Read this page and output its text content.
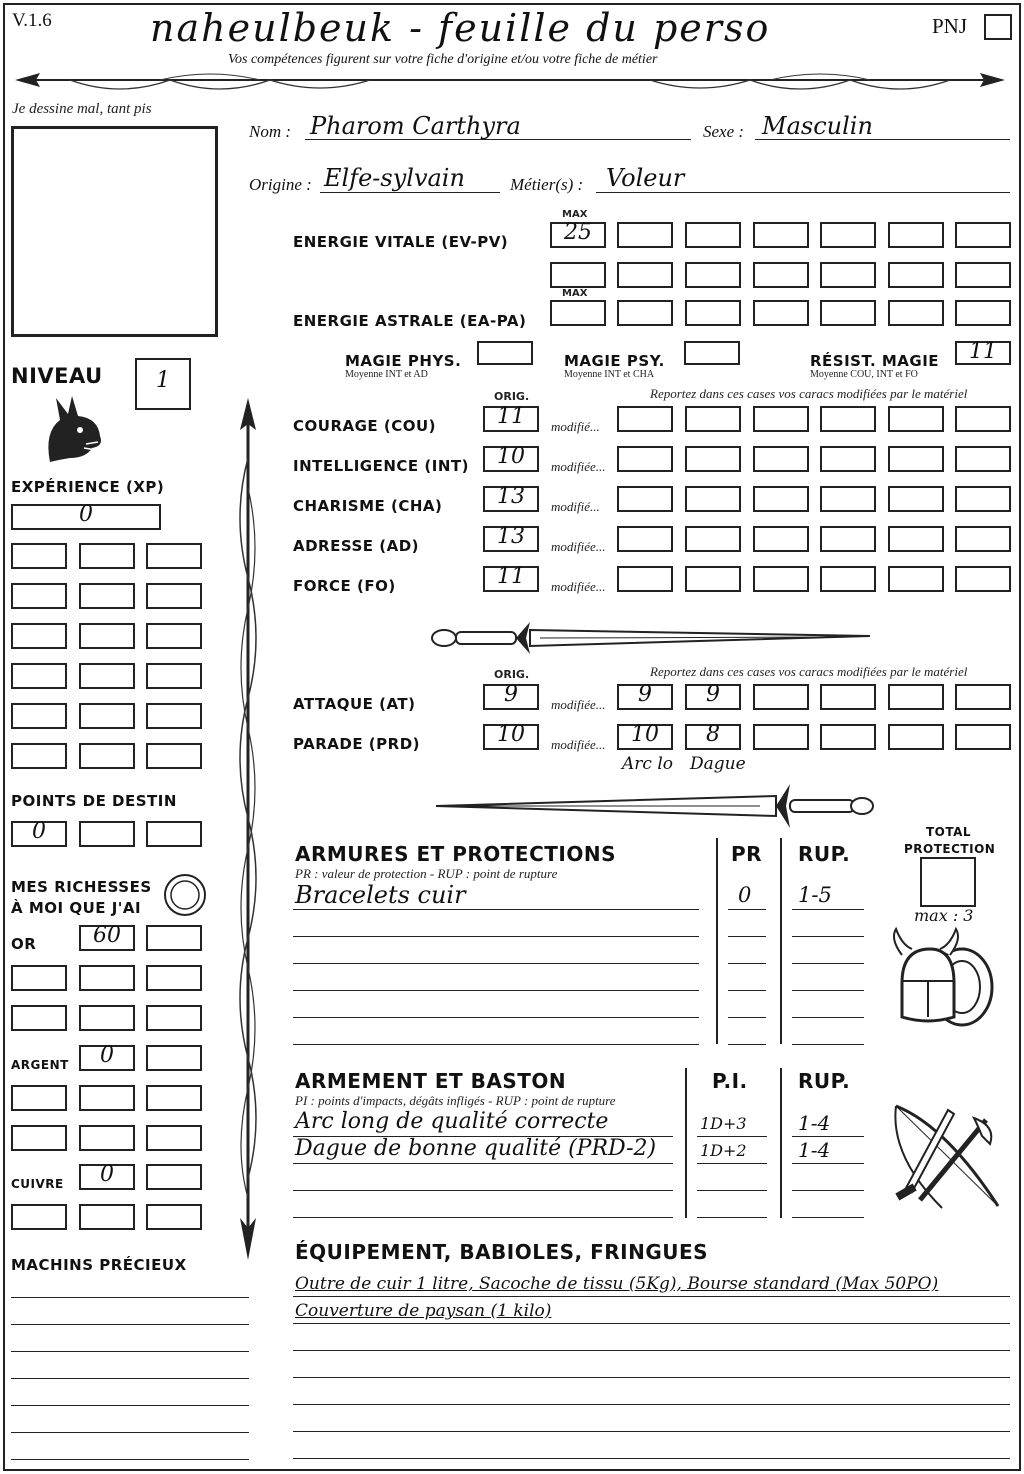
V.1.6	naheulbeuk - feuille du perso	PNJ
Vos compétences figurent sur votre fiche d'origine et/ou votre fiche de métier
Je dessine mal, tant pis
Nom : Pharom Carthyra	Sexe : Masculin
Origine : Elfe-sylvain	Métier(s) : Voleur
MAX
ENERGIE VITALE (EV-PV)	25
MAX
ENERGIE ASTRALE (EA-PA)
MAGIE PHYS.
Moyenne INT et AD
MAGIE PSY.
Moyenne INT et CHA
RÉSIST. MAGIE
Moyenne COU, INT et FO
11
NIVEAU	1
EXPÉRIENCE (XP)
0
POINTS DE DESTIN
0
MES RICHESSES
À MOI QUE J'AI
OR	60
0
0
ARGENT
CUIVRE
MACHINS PRÉCIEUX
ORIG.	Reportez dans ces cases vos caracs modifiées par le matériel
COURAGE (COU)	11	modifié...
INTELLIGENCE (INT)	10	modifiée...
CHARISME (CHA)	13	modifié...
ADRESSE (AD)	13	modifiée...
FORCE (FO)	11	modifiée...
ORIG.	Reportez dans ces cases vos caracs modifiées par le matériel
ATTAQUE (AT)	9	modifiée...	9	9
PARADE (PRD)	10	modifiée...	10	8
Arc lo Dague
ARMURES ET PROTECTIONS
PR : valeur de protection - RUP : point de rupture
PR RUP.
Bracelets cuir	0 1-5
TOTAL
PROTECTION
max : 3
ARMEMENT ET BASTON
PI : points d'impacts, dégâts infligés - RUP : point de rupture
P.I.	RUP.
Arc long de qualité correcte	1D+3	1-4
Dague de bonne qualité (PRD-2)	1D+2	1-4
ÉQUIPEMENT, BABIOLES, FRINGUES
Outre de cuir 1 litre, Sacoche de tissu (5Kg), Bourse standard (Max 50PO)
Couverture de paysan (1 kilo)
